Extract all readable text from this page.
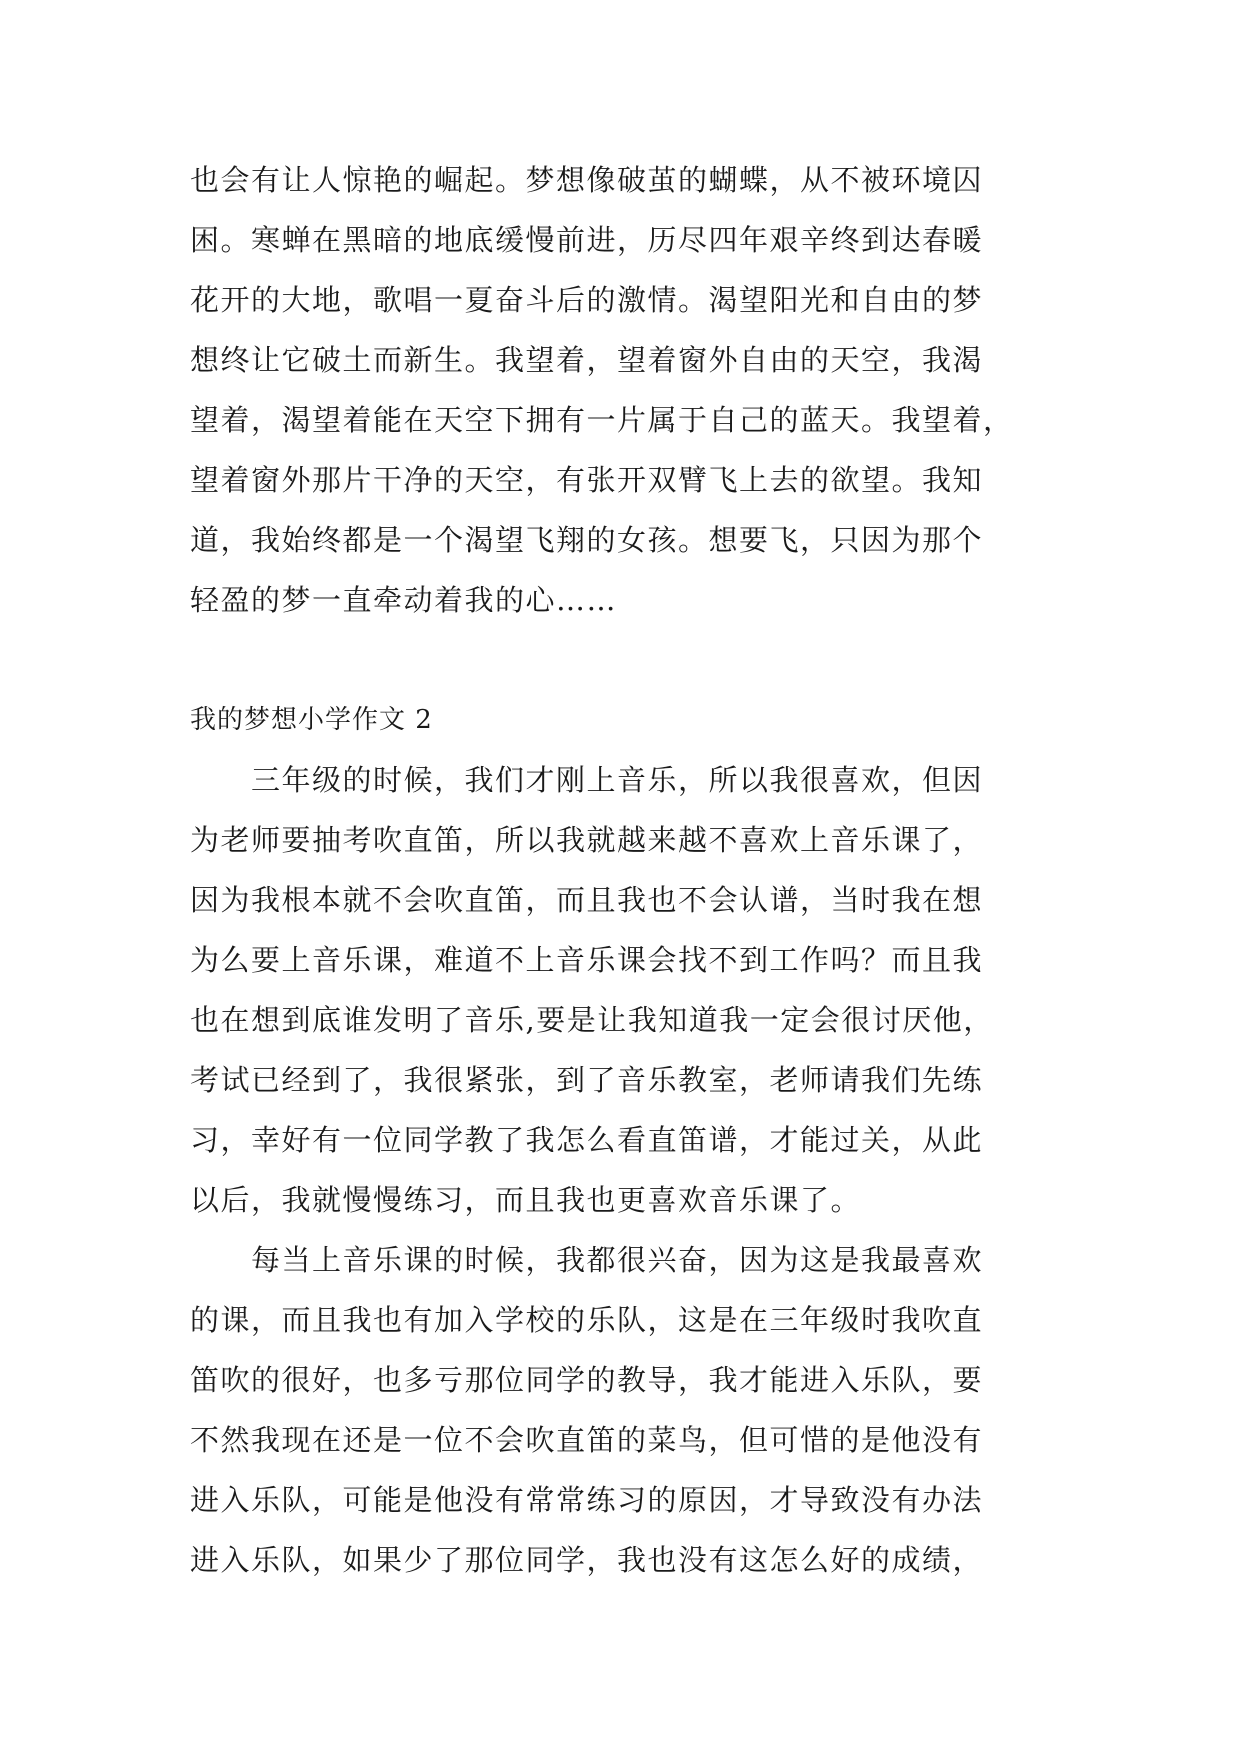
也会有让人惊艳的崛起。梦想像破茧的蝴蝶，从不被环境囚
困。寒蝉在黑暗的地底缓慢前进，历尽四年艰辛终到达春暖
花开的大地，歌唱一夏奋斗后的激情。渴望阳光和自由的梦
想终让它破土而新生。我望着，望着窗外自由的天空，我渴
望着，渴望着能在天空下拥有一片属于自己的蓝天。我望着，
望着窗外那片干净的天空，有张开双臂飞上去的欲望。我知
道，我始终都是一个渴望飞翔的女孩。想要飞，只因为那个
轻盈的梦一直牵动着我的心……
我的梦想小学作文 2
　　三年级的时候，我们才刚上音乐，所以我很喜欢，但因
为老师要抽考吹直笛，所以我就越来越不喜欢上音乐课了，
因为我根本就不会吹直笛，而且我也不会认谱，当时我在想
为么要上音乐课，难道不上音乐课会找不到工作吗？而且我
也在想到底谁发明了音乐,要是让我知道我一定会很讨厌他，
考试已经到了，我很紧张，到了音乐教室，老师请我们先练
习，幸好有一位同学教了我怎么看直笛谱，才能过关，从此
以后，我就慢慢练习，而且我也更喜欢音乐课了。
　　每当上音乐课的时候，我都很兴奋，因为这是我最喜欢
的课，而且我也有加入学校的乐队，这是在三年级时我吹直
笛吹的很好，也多亏那位同学的教导，我才能进入乐队，要
不然我现在还是一位不会吹直笛的菜鸟，但可惜的是他没有
进入乐队，可能是他没有常常练习的原因，才导致没有办法
进入乐队，如果少了那位同学，我也没有这怎么好的成绩，
